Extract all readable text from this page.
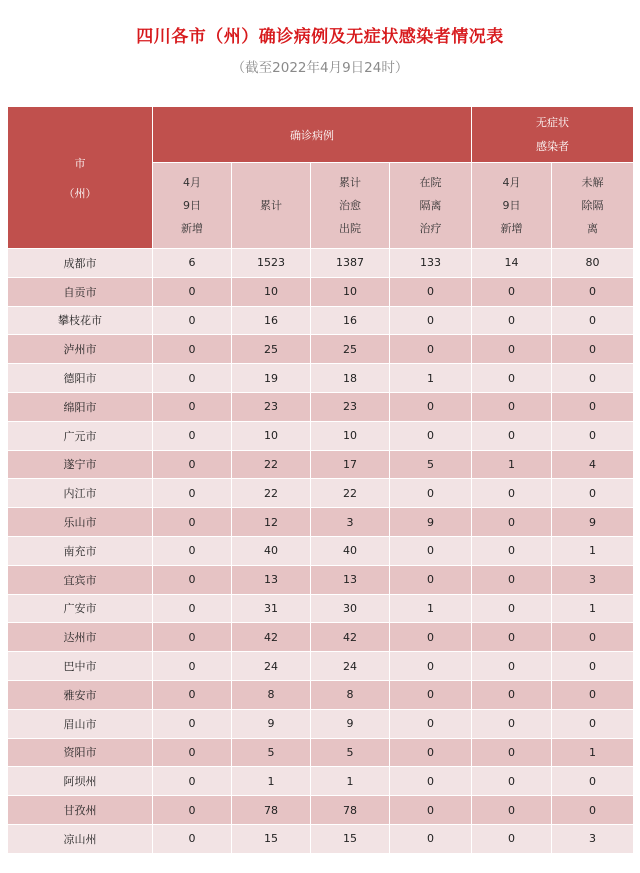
四川各市（州）确诊病例及无症状感染者情况表
（截至2022年4月9日24时）
市
（州）	确诊病例				无症状
感染者	

	4月
9日
新增	累计	累计
治愈
出院	在院
隔离
治疗	4月
9日
新增	未解
除隔
离

成都市	6	1523	1387	133	14	80
自贡市	0	10	10	0	0	0
攀枝花市	0	16	16	0	0	0
泸州市	0	25	25	0	0	0
德阳市	0	19	18	1	0	0
绵阳市	0	23	23	0	0	0
广元市	0	10	10	0	0	0
遂宁市	0	22	17	5	1	4
内江市	0	22	22	0	0	0
乐山市	0	12	3	9	0	9
南充市	0	40	40	0	0	1
宜宾市	0	13	13	0	0	3
广安市	0	31	30	1	0	1
达州市	0	42	42	0	0	0
巴中市	0	24	24	0	0	0
雅安市	0	8	8	0	0	0
眉山市	0	9	9	0	0	0
资阳市	0	5	5	0	0	1
阿坝州	0	1	1	0	0	0
甘孜州	0	78	78	0	0	0
凉山州	0	15	15	0	0	3
